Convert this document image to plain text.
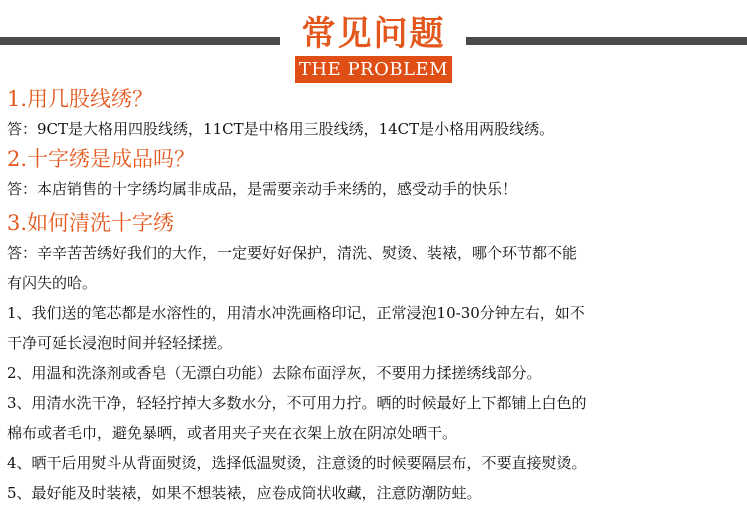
常见问题
THE PROBLEM

1.用几股线绣？

答：9CT是大格用四股线绣，11CT是中格用三股线绣，14CT是小格用两股线绣。

2.十字绣是成品吗？

答：本店销售的十字绣均属非成品，是需要亲动手来绣的，感受动手的快乐！

3.如何清洗十字绣

答：辛辛苦苦绣好我们的大作，一定要好好保护，清洗、熨烫、装裱，哪个环节都不能

有闪失的哈。

1、我们送的笔芯都是水溶性的，用清水冲洗画格印记，正常浸泡10-30分钟左右，如不

干净可延长浸泡时间并轻轻揉搓。

2、用温和洗涤剂或香皂（无漂白功能）去除布面浮灰，不要用力揉搓绣线部分。

3、用清水洗干净，轻轻拧掉大多数水分，不可用力拧。晒的时候最好上下都铺上白色的

棉布或者毛巾，避免暴晒，或者用夹子夹在衣架上放在阴凉处晒干。

4、晒干后用熨斗从背面熨烫，选择低温熨烫，注意烫的时候要隔层布，不要直接熨烫。

5、最好能及时装裱，如果不想装裱，应卷成筒状收藏，注意防潮防蛀。
